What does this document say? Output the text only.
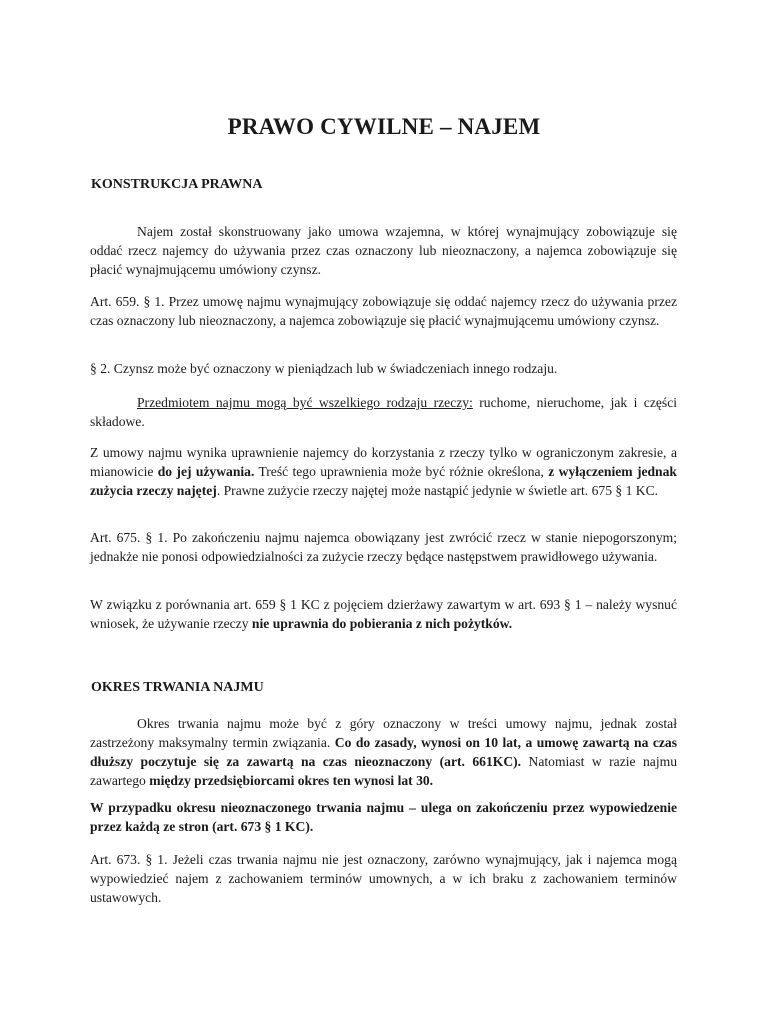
PRAWO CYWILNE – NAJEM
KONSTRUKCJA PRAWNA

Najem został skonstruowany jako umowa wzajemna, w której wynajmujący zobowiązuje się oddać rzecz najemcy do używania przez czas oznaczony lub nieoznaczony, a najemca zobowiązuje się płacić wynajmującemu umówiony czynsz.

Art. 659. § 1. Przez umowę najmu wynajmujący zobowiązuje się oddać najemcy rzecz do używania przez czas oznaczony lub nieoznaczony, a najemca zobowiązuje się płacić wynajmującemu umówiony czynsz.

§ 2. Czynsz może być oznaczony w pieniądzach lub w świadczeniach innego rodzaju.

Przedmiotem najmu mogą być wszelkiego rodzaju rzeczy: ruchome, nieruchome, jak i części składowe.

Z umowy najmu wynika uprawnienie najemcy do korzystania z rzeczy tylko w ograniczonym zakresie, a mianowicie do jej używania. Treść tego uprawnienia może być różnie określona, z wyłączeniem jednak zużycia rzeczy najętej. Prawne zużycie rzeczy najętej może nastąpić jedynie w świetle art. 675 § 1 KC.

Art. 675. § 1. Po zakończeniu najmu najemca obowiązany jest zwrócić rzecz w stanie niepogorszonym; jednakże nie ponosi odpowiedzialności za zużycie rzeczy będące następstwem prawidłowego używania.

W związku z porównania art. 659 § 1 KC z pojęciem dzierżawy zawartym w art. 693 § 1 – należy wysnuć wniosek, że używanie rzeczy nie uprawnia do pobierania z nich pożytków.

OKRES TRWANIA NAJMU

Okres trwania najmu może być z góry oznaczony w treści umowy najmu, jednak został zastrzeżony maksymalny termin związania. Co do zasady, wynosi on 10 lat, a umowę zawartą na czas dłuższy poczytuje się za zawartą na czas nieoznaczony (art. 661KC). Natomiast w razie najmu zawartego między przedsiębiorcami okres ten wynosi lat 30.

W przypadku okresu nieoznaczonego trwania najmu – ulega on zakończeniu przez wypowiedzenie przez każdą ze stron (art. 673 § 1 KC).

Art. 673. § 1. Jeżeli czas trwania najmu nie jest oznaczony, zarówno wynajmujący, jak i najemca mogą wypowiedzieć najem z zachowaniem terminów umownych, a w ich braku z zachowaniem terminów ustawowych.
